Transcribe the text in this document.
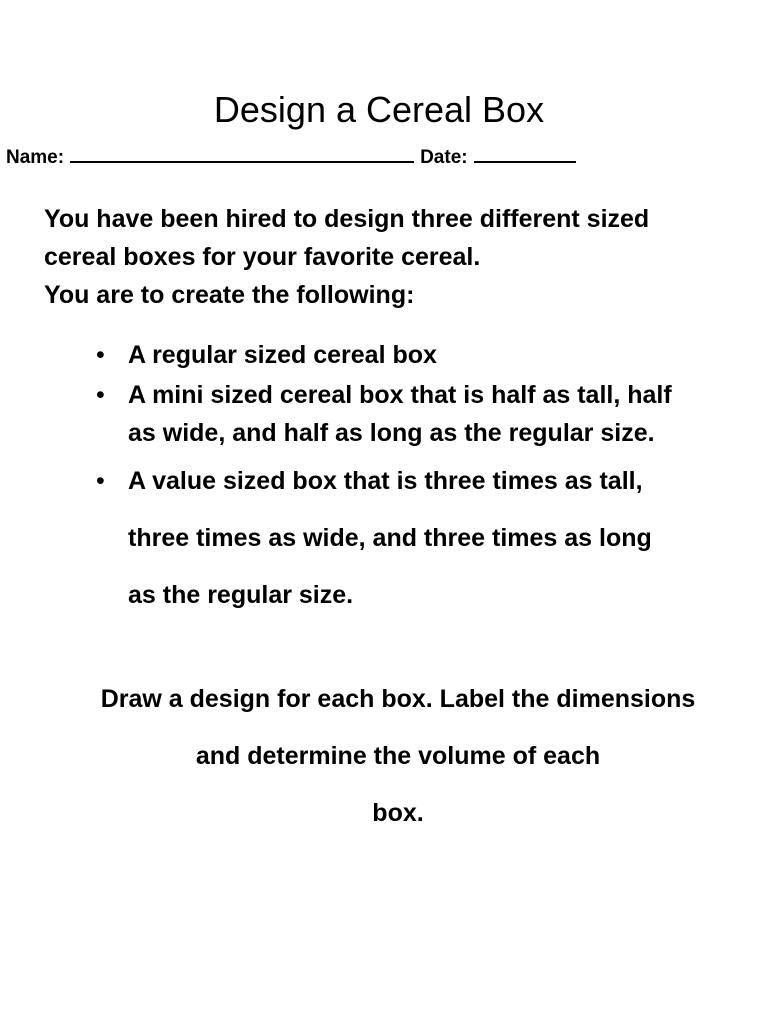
Design a Cereal Box
Name:	Date:
You have been hired to design three different sized
cereal boxes for your favorite cereal.
You are to create the following:
• A regular sized cereal box
• A mini sized cereal box that is half as tall, half
as wide, and half as long as the regular size.
• A value sized box that is three times as tall,
three times as wide, and three times as long
as the regular size.
Draw a design for each box. Label the dimensions
and determine the volume of each
box.
